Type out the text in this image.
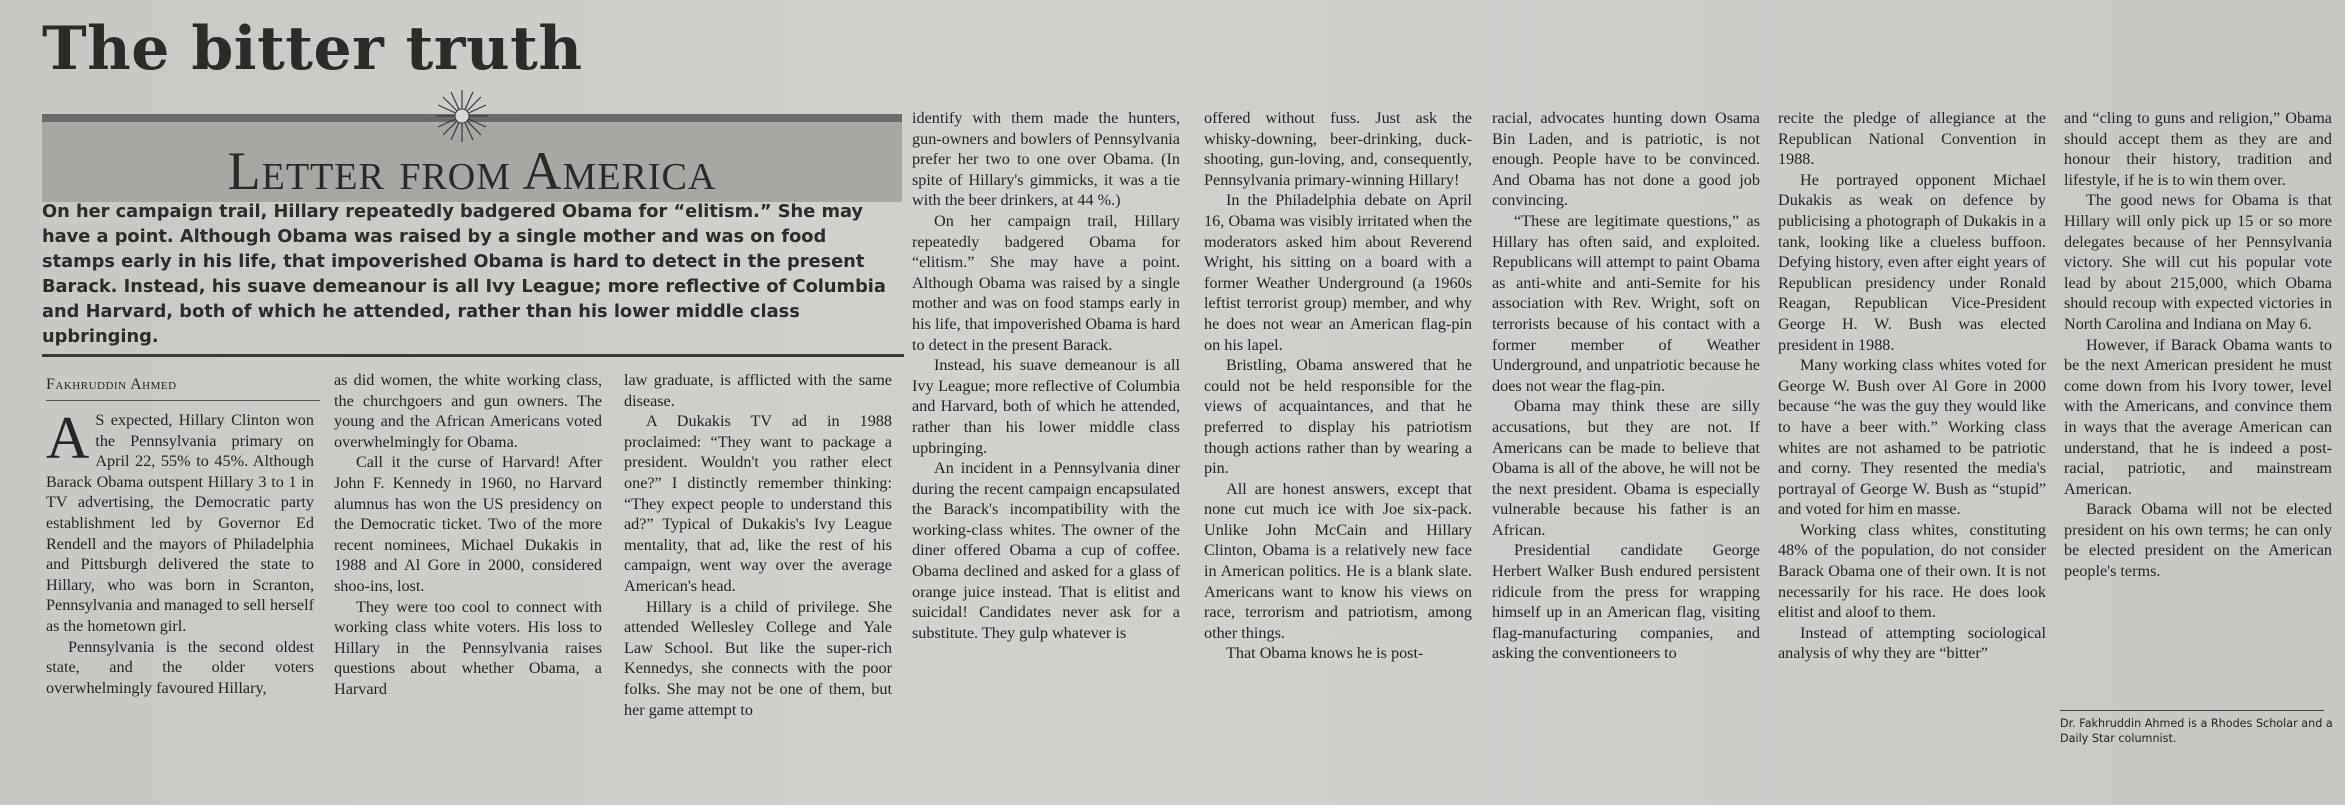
The bitter truth
Letter from America
On her campaign trail, Hillary repeatedly badgered Obama for “elitism.” She may have a point. Although Obama was raised by a single mother and was on food stamps early in his life, that impoverished Obama is hard to detect in the present Barack. Instead, his suave demeanour is all Ivy League; more reflective of Columbia and Harvard, both of which he attended, rather than his lower middle class upbringing.
Fakhruddin Ahmed

A S expected, Hillary Clinton won the Pennsylvania primary on April 22, 55% to 45%. Although Barack Obama outspent Hillary 3 to 1 in TV advertising, the Democratic party establishment led by Governor Ed Rendell and the mayors of Philadelphia and Pittsburgh delivered the state to Hillary, who was born in Scranton, Pennsylvania and managed to sell herself as the hometown girl.

Pennsylvania is the second oldest state, and the older voters overwhelmingly favoured Hillary,

as did women, the white working class, the churchgoers and gun owners. The young and the African Americans voted overwhelmingly for Obama.

Call it the curse of Harvard! After John F. Kennedy in 1960, no Harvard alumnus has won the US presidency on the Democratic ticket. Two of the more recent nominees, Michael Dukakis in 1988 and Al Gore in 2000, considered shoo-ins, lost.

They were too cool to connect with working class white voters. His loss to Hillary in the Pennsylvania raises questions about whether Obama, a Harvard

law graduate, is afflicted with the same disease.

A Dukakis TV ad in 1988 proclaimed: “They want to package a president. Wouldn't you rather elect one?” I distinctly remember thinking: “They expect people to understand this ad?” Typical of Dukakis's Ivy League mentality, that ad, like the rest of his campaign, went way over the average American's head.

Hillary is a child of privilege. She attended Wellesley College and Yale Law School. But like the super-rich Kennedys, she connects with the poor folks. She may not be one of them, but her game attempt to

identify with them made the hunters, gun-owners and bowlers of Pennsylvania prefer her two to one over Obama. (In spite of Hillary's gimmicks, it was a tie with the beer drinkers, at 44 %.)

On her campaign trail, Hillary repeatedly badgered Obama for “elitism.” She may have a point. Although Obama was raised by a single mother and was on food stamps early in his life, that impoverished Obama is hard to detect in the present Barack.

Instead, his suave demeanour is all Ivy League; more reflective of Columbia and Harvard, both of which he attended, rather than his lower middle class upbringing.

An incident in a Pennsylvania diner during the recent campaign encapsulated the Barack's incompatibility with the working-class whites. The owner of the diner offered Obama a cup of coffee. Obama declined and asked for a glass of orange juice instead. That is elitist and suicidal! Candidates never ask for a substitute. They gulp whatever is

offered without fuss. Just ask the whisky-downing, beer-drinking, duck-shooting, gun-loving, and, consequently, Pennsylvania primary-winning Hillary!

In the Philadelphia debate on April 16, Obama was visibly irritated when the moderators asked him about Reverend Wright, his sitting on a board with a former Weather Underground (a 1960s leftist terrorist group) member, and why he does not wear an American flag-pin on his lapel.

Bristling, Obama answered that he could not be held responsible for the views of acquaintances, and that he preferred to display his patriotism though actions rather than by wearing a pin.

All are honest answers, except that none cut much ice with Joe six-pack. Unlike John McCain and Hillary Clinton, Obama is a relatively new face in American politics. He is a blank slate. Americans want to know his views on race, terrorism and patriotism, among other things.

That Obama knows he is post-

racial, advocates hunting down Osama Bin Laden, and is patriotic, is not enough. People have to be convinced. And Obama has not done a good job convincing.

“These are legitimate questions,” as Hillary has often said, and exploited. Republicans will attempt to paint Obama as anti-white and anti-Semite for his association with Rev. Wright, soft on terrorists because of his contact with a former member of Weather Underground, and unpatriotic because he does not wear the flag-pin.

Obama may think these are silly accusations, but they are not. If Americans can be made to believe that Obama is all of the above, he will not be the next president. Obama is especially vulnerable because his father is an African.

Presidential candidate George Herbert Walker Bush endured persistent ridicule from the press for wrapping himself up in an American flag, visiting flag-manufacturing companies, and asking the conventioneers to

recite the pledge of allegiance at the Republican National Convention in 1988.

He portrayed opponent Michael Dukakis as weak on defence by publicising a photograph of Dukakis in a tank, looking like a clueless buffoon. Defying history, even after eight years of Republican presidency under Ronald Reagan, Republican Vice-President George H. W. Bush was elected president in 1988.

Many working class whites voted for George W. Bush over Al Gore in 2000 because “he was the guy they would like to have a beer with.” Working class whites are not ashamed to be patriotic and corny. They resented the media's portrayal of George W. Bush as “stupid” and voted for him en masse.

Working class whites, constituting 48% of the population, do not consider Barack Obama one of their own. It is not necessarily for his race. He does look elitist and aloof to them.

Instead of attempting sociological analysis of why they are “bitter”

and “cling to guns and religion,” Obama should accept them as they are and honour their history, tradition and lifestyle, if he is to win them over.

The good news for Obama is that Hillary will only pick up 15 or so more delegates because of her Pennsylvania victory. She will cut his popular vote lead by about 215,000, which Obama should recoup with expected victories in North Carolina and Indiana on May 6.

However, if Barack Obama wants to be the next American president he must come down from his Ivory tower, level with the Americans, and convince them in ways that the average American can understand, that he is indeed a post-racial, patriotic, and mainstream American.

Barack Obama will not be elected president on his own terms; he can only be elected president on the American people's terms.

Dr. Fakhruddin Ahmed is a Rhodes Scholar and a Daily Star columnist.
